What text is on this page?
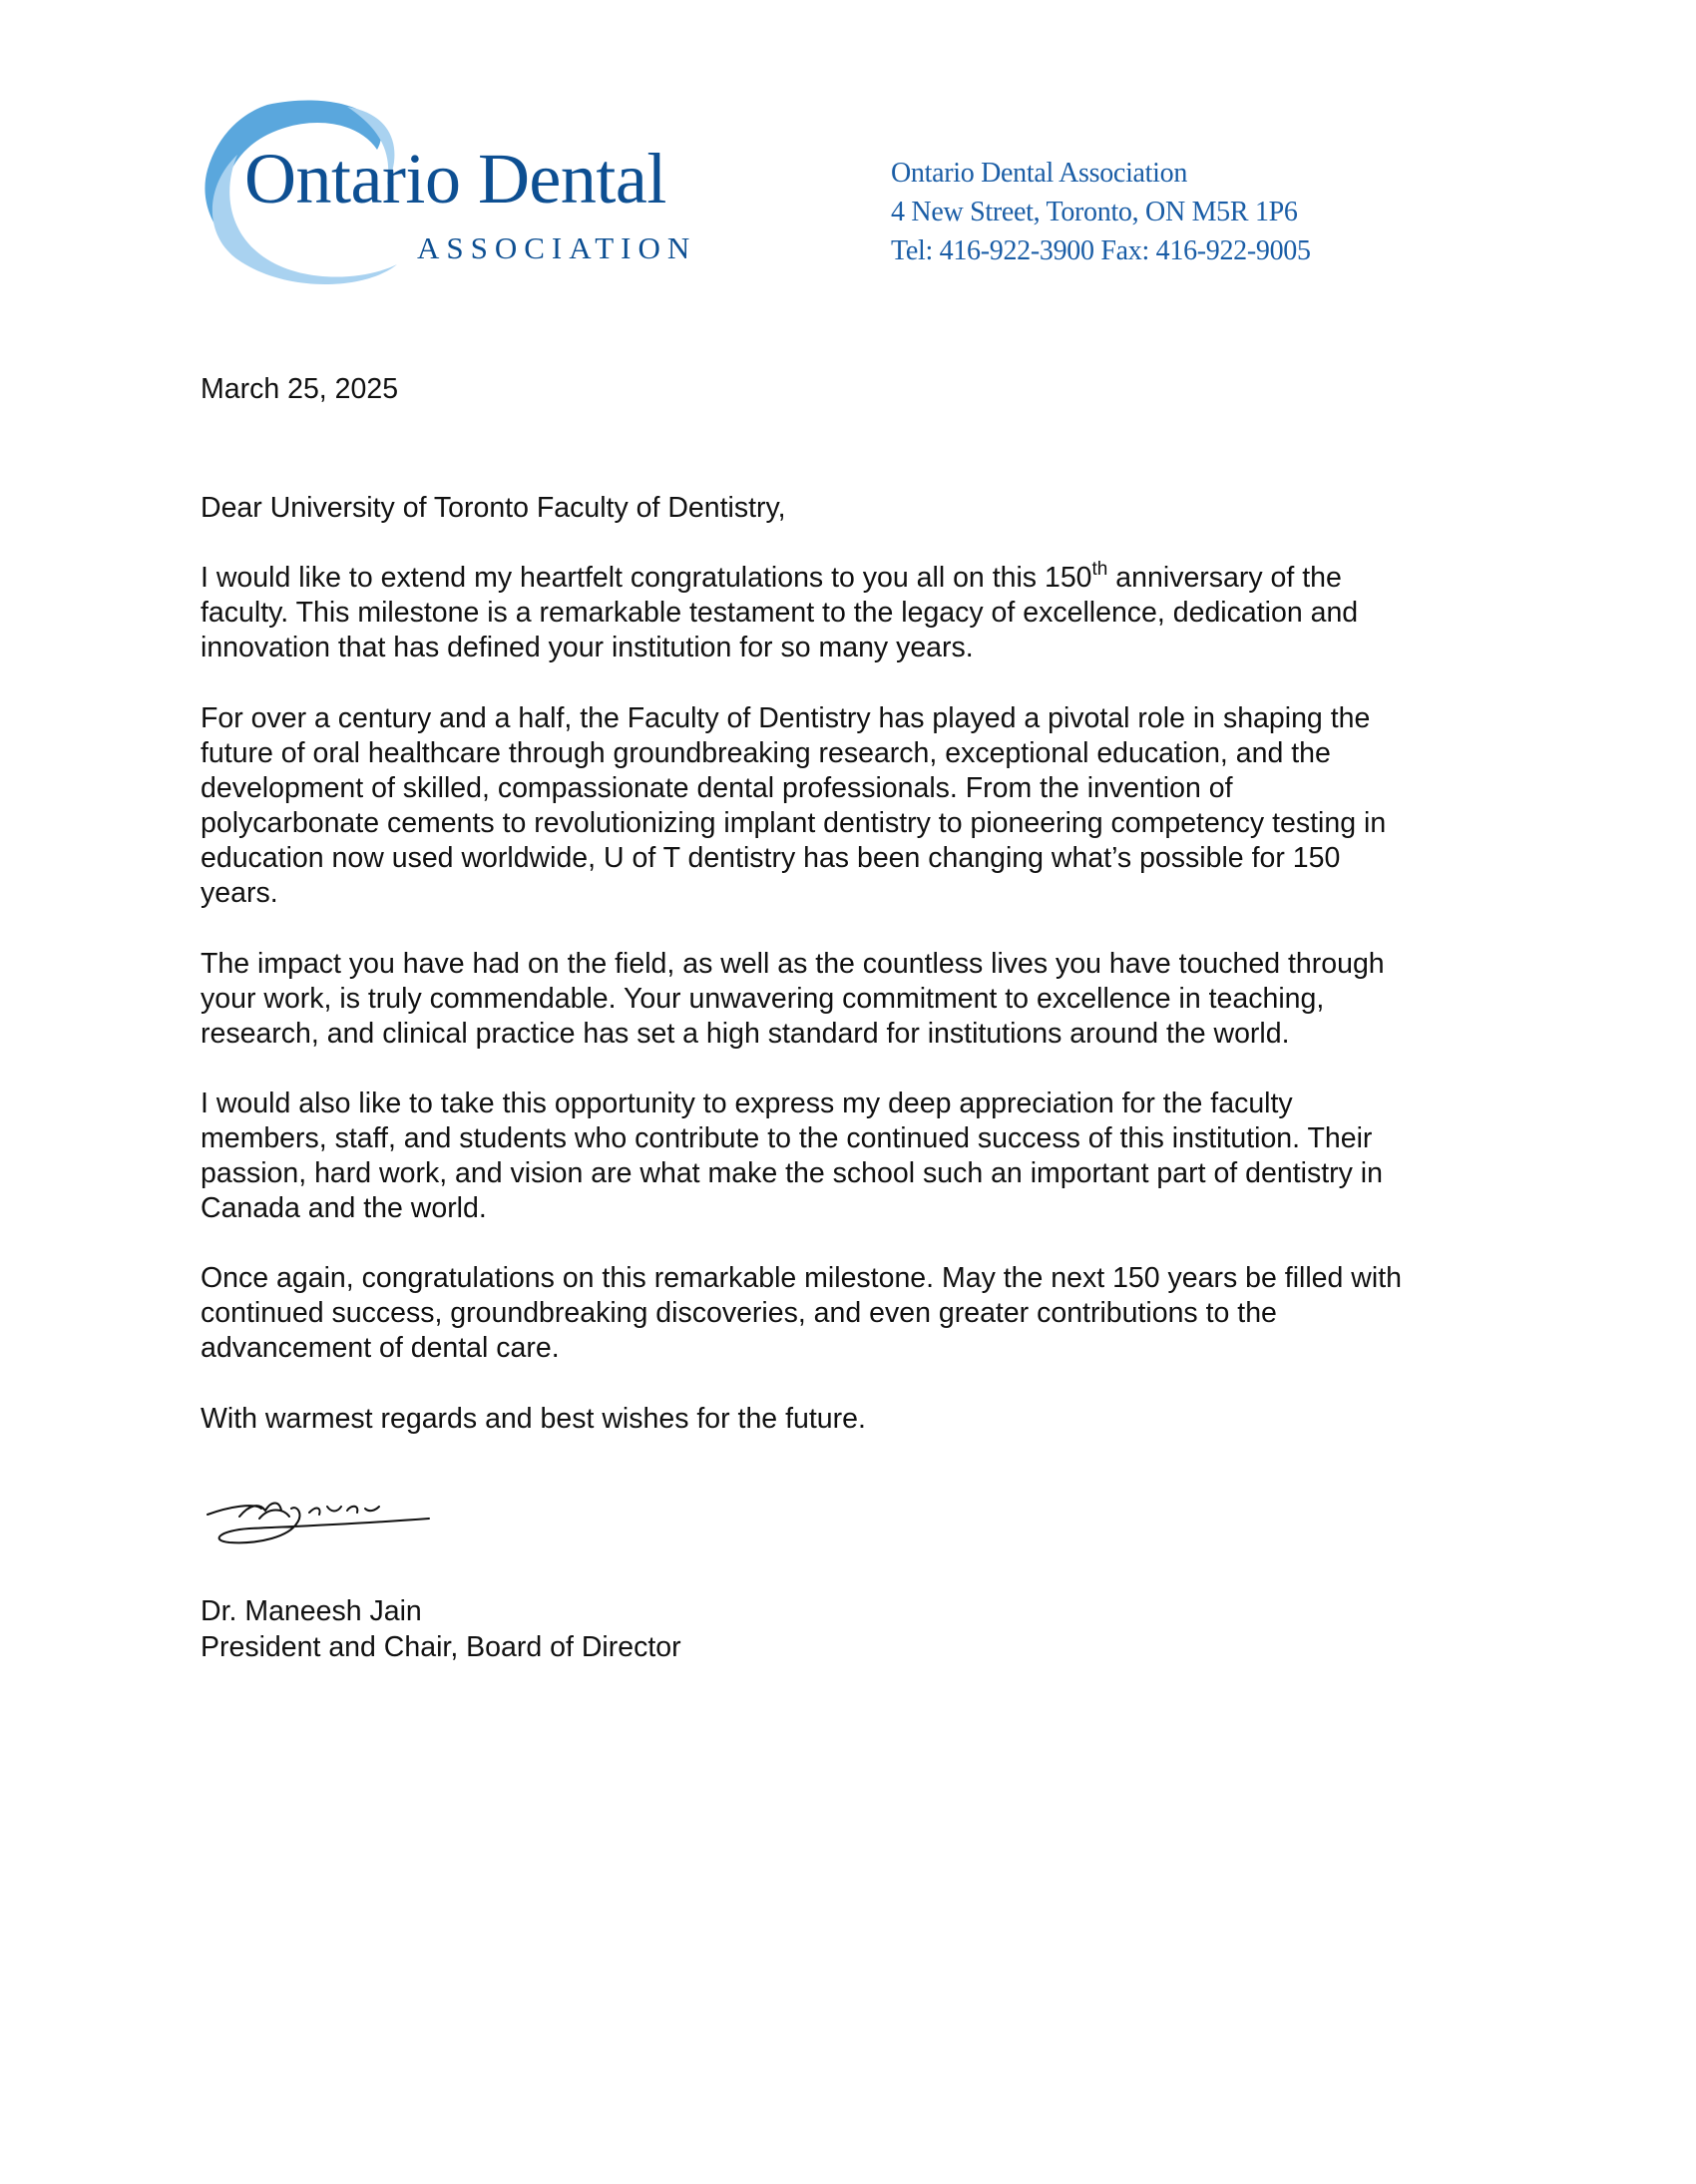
Ontario Dental
ASSOCIATION
Ontario Dental Association
4 New Street, Toronto, ON M5R 1P6
Tel: 416-922-3900 Fax: 416-922-9005

March 25, 2025

Dear University of Toronto Faculty of Dentistry,

I would like to extend my heartfelt congratulations to you all on this 150th anniversary of the
faculty. This milestone is a remarkable testament to the legacy of excellence, dedication and
innovation that has defined your institution for so many years.

For over a century and a half, the Faculty of Dentistry has played a pivotal role in shaping the
future of oral healthcare through groundbreaking research, exceptional education, and the
development of skilled, compassionate dental professionals. From the invention of
polycarbonate cements to revolutionizing implant dentistry to pioneering competency testing in
education now used worldwide, U of T dentistry has been changing what’s possible for 150
years.

The impact you have had on the field, as well as the countless lives you have touched through
your work, is truly commendable. Your unwavering commitment to excellence in teaching,
research, and clinical practice has set a high standard for institutions around the world.

I would also like to take this opportunity to express my deep appreciation for the faculty
members, staff, and students who contribute to the continued success of this institution. Their
passion, hard work, and vision are what make the school such an important part of dentistry in
Canada and the world.

Once again, congratulations on this remarkable milestone. May the next 150 years be filled with
continued success, groundbreaking discoveries, and even greater contributions to the
advancement of dental care.

With warmest regards and best wishes for the future.

Dr. Maneesh Jain
President and Chair, Board of Director
